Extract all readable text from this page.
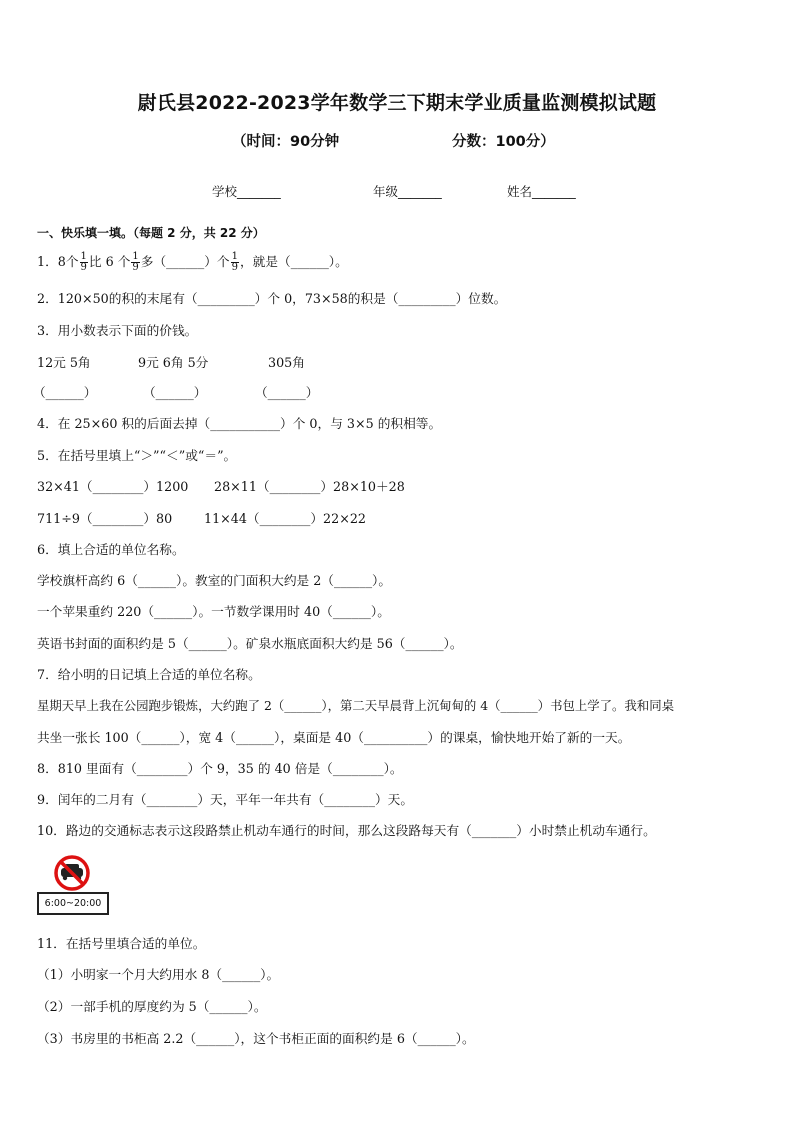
尉氏县2022-2023学年数学三下期末学业质量监测模拟试题
（时间：90分钟	分数：100分）
学校_______	年级_______	姓名_______
一、快乐填一填。（每题 2 分，共 22 分）
1．8个 $\frac{1}{9}$ 比 6 个 $\frac{1}{9}$ 多（______）个 $\frac{1}{9}$ ，就是（______）。
2．120×50的积的末尾有（_________）个 0，73×58的积是（_________）位数。
3．用小数表示下面的价钱。
12元 5角	9元 6角 5分	305角
（______）	（______）	（______）
4．在 25×60 积的后面去掉（___________）个 0，与 3×5 的积相等。
5．在括号里填上“＞”“＜”或“＝”。
32×41（________）1200 28×11（________）28×10＋28
711÷9（________）80	11×44（________）22×22
6．填上合适的单位名称。
学校旗杆高约 6（______）。教室的门面积大约是 2（______）。
一个苹果重约 220（______）。一节数学课用时 40（______）。
英语书封面的面积约是 5（______）。矿泉水瓶底面积大约是 56（______）。
7．给小明的日记填上合适的单位名称。
星期天早上我在公园跑步锻炼，大约跑了 2（______），第二天早晨背上沉甸甸的 4（______）书包上学了。我和同桌
共坐一张长 100（______），宽 4（______），桌面是 40（__________）的课桌，愉快地开始了新的一天。
8．810 里面有（________）个 9，35 的 40 倍是（________）。
9．闰年的二月有（________）天，平年一年共有（________）天。
10．路边的交通标志表示这段路禁止机动车通行的时间，那么这段路每天有（_______）小时禁止机动车通行。
6:00~20:00
11．在括号里填合适的单位。
（1）小明家一个月大约用水 8（______）。
（2）一部手机的厚度约为 5（______）。
（3）书房里的书柜高 2.2（______），这个书柜正面的面积约是 6（______）。
